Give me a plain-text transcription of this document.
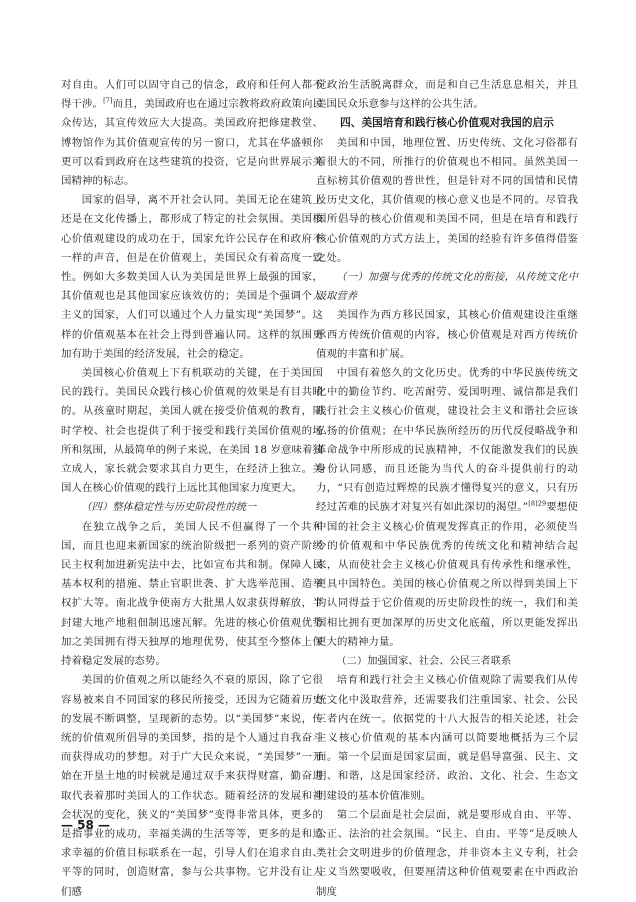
对自由。人们可以固守自己的信念，政府和任何人都不得干涉。[7]而且，美国政府也在通过宗教将政府政策向民众传达，其宣传效应大大提高。美国政府把修建教堂、博物馆作为其价值观宣传的另一窗口，尤其在华盛顿你更可以看到政府在这些建筑的投资，它是向世界展示美国精神的标志。

国家的倡导，离不开社会认同。美国无论在建筑上还是在文化传播上，都形成了特定的社会氛围。美国核心价值观建设的成功在于，国家允许公民存在和政府不一样的声音，但是在价值观上，美国民众有着高度一致性。例如大多数美国人认为美国是世界上最强的国家，其价值观也是其他国家应该效仿的；美国是个强调个人主义的国家，人们可以通过个人力量实现“美国梦”。这样的价值观基本在社会上得到普遍认同。这样的氛围更加有助于美国的经济发展，社会的稳定。

美国核心价值观上下有机联动的关键，在于美国国民的践行。美国民众践行核心价值观的效果是有目共睹的。从孩童时期起，美国人就在接受价值观的教育，同时学校、社会也提供了利于接受和践行美国价值观的场所和氛围，从最简单的例子来说，在美国 18 岁意味着独立成人，家长就会要求其自力更生，在经济上独立。美国人在核心价值观的践行上远比其他国家力度更大。

（四）整体稳定性与历史阶段性的统一

在独立战争之后，美国人民不但赢得了一个共和国，而且也迎来新国家的统治阶级把一系列的资产阶级民主权利加进新宪法中去，比如宣布共和制。保障人民基本权利的措施、禁止官职世袭、扩大选举范围、造举权扩大等。南北战争使南方大批黑人奴隶获得解放，半封建大地产地租佃制迅速瓦解。先进的核心价值观优势加之美国拥有得天独厚的地理优势，使其至今整体上保持着稳定发展的态势。

美国的价值观之所以能经久不衰的原因，除了它很容易被来自不同国家的移民所接受，还因为它随着历史的发展不断调整，呈现新的态势。以“美国梦”来说，传统的价值观所倡导的美国梦，指的是个人通过自我奋斗而获得成功的梦想。对于广大民众来说，“美国梦”一开始在开垦土地的时候就是通过双手来获得财富，勤奋进取代表着那时美国人的工作状态。随着经济的发展和社会状况的变化，狭义的“美国梦”变得非常具体，更多的是指事业的成功，幸福美满的生活等等，更多的是和追求幸福的价值目标联系在一起，引导人们在追求自由、平等的同时，创造财富，参与公共事物。它并没有让人们感

觉政治生活脱离群众，而是和自己生活息息相关，并且美国民众乐意参与这样的公共生活。

四、美国培育和践行核心价值观对我国的启示

美国和中国，地理位置、历史传统、文化习俗都有着很大的不同，所推行的价值观也不相同。虽然美国一直标榜其价值观的普世性，但是针对不同的国情和民情及历史文化，其价值观的核心意义也是不同的。尽管我国所倡导的核心价值观和美国不同，但是在培育和践行核心价值观的方式方法上，美国的经验有许多值得借鉴之处。

（一）加强与优秀的传统文化的衔接，从传统文化中汲取营养

美国作为西方移民国家，其核心价值观建设注重继承西方传统价值观的内容，核心价值观是对西方传统价值观的丰富和扩展。

中国有着悠久的文化历史。优秀的中华民族传统文化中的勤俭节约、吃苦耐劳、爱国明理、诚信都是我们践行社会主义核心价值观，建设社会主义和谐社会应该弘扬的价值观；在中华民族所经历的历代反侵略战争和革命战争中所形成的民族精神，不仅能激发我们的民族身份认同感，而且还能为当代人的奋斗提供前行的动力，“只有创造过辉煌的民族才懂得复兴的意义，只有历经过苦难的民族才对复兴有如此深切的渴望。”$^{[8]29}$要想使中国的社会主义核心价值观发挥真正的作用，必须使当今的价值观和中华民族优秀的传统文化和精神结合起来，从而使社会主义核心价值观具有传承性和继承性，更具中国特色。美国的核心价值观之所以得到美国上下的认同得益于它价值观的历史阶段性的统一，我们和美国相比拥有更加深厚的历史文化底蕴，所以更能发挥出更大的精神力量。

（二）加强国家、社会、公民三者联系

培育和践行社会主义核心价值观除了需要我们从传统文化中汲取营养，还需要我们注重国家、社会、公民三者内在统一。依据党的十八大报告的相关论述，社会主义核心价值观的基本内涵可以简要地概括为三个层面。第一个层面是国家层面，就是倡导富强、民主、文明、和谐，这是国家经济、政治、文化、社会、生态文明建设的基本价值准则。

第二个层面是社会层面，就是要形成自由、平等、公正、法治的社会氛围。“民主、自由、平等”是反映人类社会文明进步的价值理念，并非资本主义专利，社会主义当然要吸收，但要厘清这种价值观要素在中西政治制度

— 58 —
